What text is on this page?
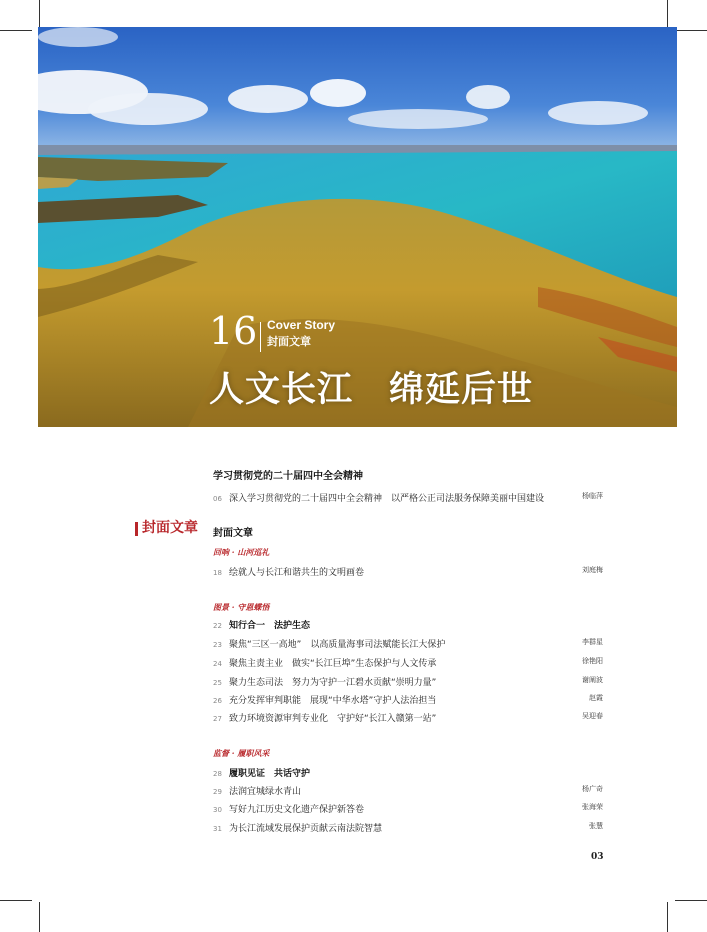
16 Cover Story
封面文章
人文长江　绵延后世
封面文章
学习贯彻党的二十届四中全会精神
06 深入学习贯彻党的二十届四中全会精神　以严格公正司法服务保障美丽中国建设	杨临萍
封面文章
回响 · 山河巡礼
18 绘就人与长江和谐共生的文明画卷	刘庭梅
图景 · 守恩蝶悟
22 知行合一　法护生态
23 聚焦“三区一高地”　以高质量海事司法赋能长江大保护	李群星
24 聚焦主责主业　做实“长江巨埠”生态保护与人文传承	徐艳阳
25 聚力生态司法　努力为守护一江碧水贡献“崇明力量”	谢阐波
26 充分发挥审判职能　展现“中华水塔”守护人法治担当	赵霞
27 致力环境资源审判专业化　守护好“长江入赣第一站”	吴迎春
监督 · 履职风采
28 履职见证　共话守护
29 法润宜城绿水青山	杨广奇
30 写好九江历史文化遗产保护新答卷	张海荣
31 为长江流域发展保护贡献云南法院智慧	张慧
03
